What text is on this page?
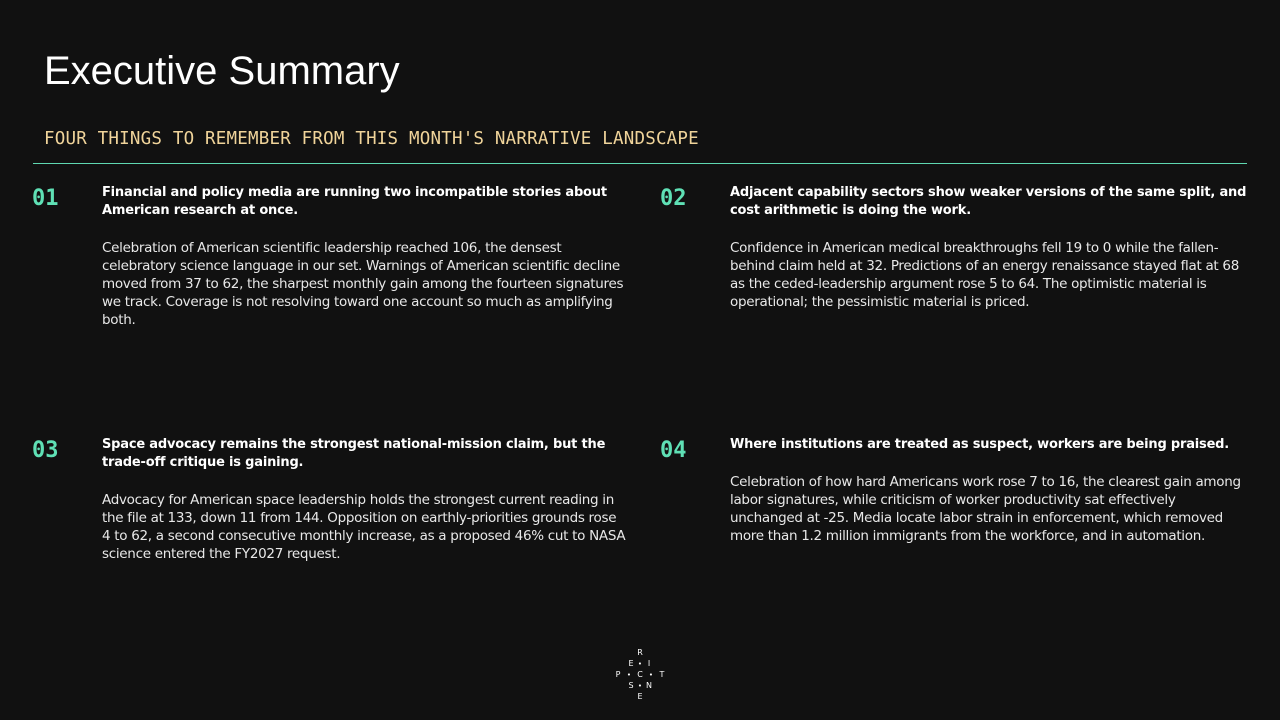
Executive Summary
FOUR THINGS TO REMEMBER FROM THIS MONTH'S NARRATIVE LANDSCAPE
01	Financial and policy media are running two incompatible stories about American research at once.

Celebration of American scientific leadership reached 106, the densest celebratory science language in our set. Warnings of American scientific decline moved from 37 to 62, the sharpest monthly gain among the fourteen signatures we track. Coverage is not resolving toward one account so much as amplifying both.

02	Adjacent capability sectors show weaker versions of the same split, and cost arithmetic is doing the work.

Confidence in American medical breakthroughs fell 19 to 0 while the fallen-behind claim held at 32. Predictions of an energy renaissance stayed flat at 68 as the ceded-leadership argument rose 5 to 64. The optimistic material is operational; the pessimistic material is priced.

03	Space advocacy remains the strongest national-mission claim, but the trade-off critique is gaining.

Advocacy for American space leadership holds the strongest current reading in the file at 133, down 11 from 144. Opposition on earthly-priorities grounds rose 4 to 62, a second consecutive monthly increase, as a proposed 46% cut to NASA science entered the FY2027 request.

04	Where institutions are treated as suspect, workers are being praised.

Celebration of how hard Americans work rose 7 to 16, the clearest gain among labor signatures, while criticism of worker productivity sat effectively unchanged at -25. Media locate labor strain in enforcement, which removed more than 1.2 million immigrants from the workforce, and in automation.

R
E • I
P • C • T
S • N
E
